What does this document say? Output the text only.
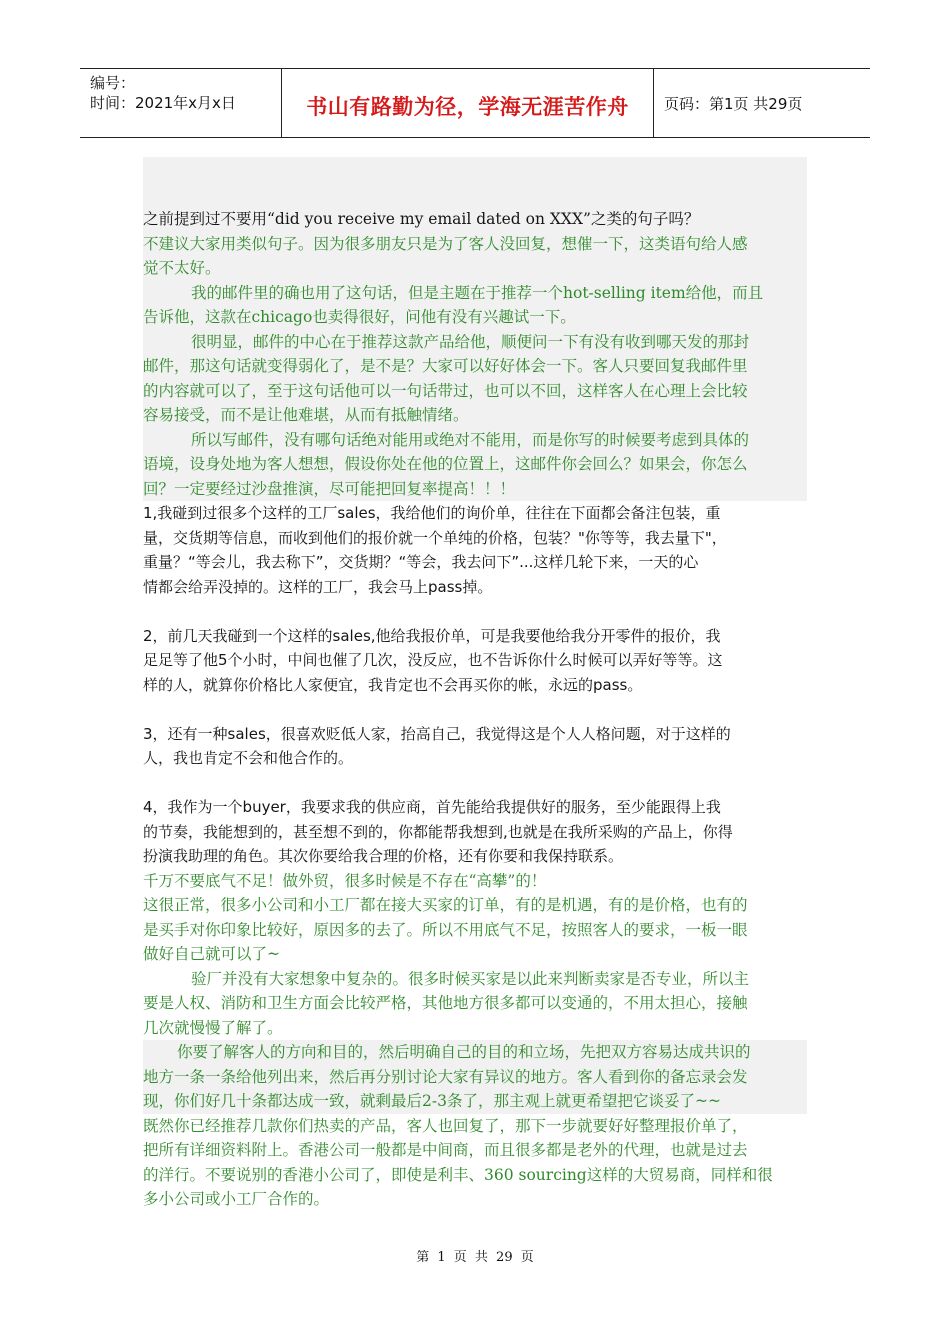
编号：
时间：2021年x月x日	书山有路勤为径，学海无涯苦作舟 页码：第1页 共29页
之前提到过不要用“did you receive my email dated on XXX”之类的句子吗？
不建议大家用类似句子。因为很多朋友只是为了客人没回复，想催一下，这类语句给人感
觉不太好。
我的邮件里的确也用了这句话，但是主题在于推荐一个hot-selling item给他，而且
告诉他，这款在chicago也卖得很好，问他有没有兴趣试一下。
很明显，邮件的中心在于推荐这款产品给他，顺便问一下有没有收到哪天发的那封
邮件，那这句话就变得弱化了，是不是？大家可以好好体会一下。客人只要回复我邮件里
的内容就可以了，至于这句话他可以一句话带过，也可以不回，这样客人在心理上会比较
容易接受，而不是让他难堪，从而有抵触情绪。
所以写邮件，没有哪句话绝对能用或绝对不能用，而是你写的时候要考虑到具体的
语境，设身处地为客人想想，假设你处在他的位置上，这邮件你会回么？如果会，你怎么
回？一定要经过沙盘推演，尽可能把回复率提高！！！
1,我碰到过很多个这样的工厂sales，我给他们的询价单，往往在下面都会备注包装，重
量，交货期等信息，而收到他们的报价就一个单纯的价格，包装？"你等等，我去量下"，
重量？“等会儿，我去称下”，交货期？“等会，我去问下”...这样几轮下来，一天的心
情都会给弄没掉的。这样的工厂，我会马上pass掉。
2，前几天我碰到一个这样的sales,他给我报价单，可是我要他给我分开零件的报价，我
足足等了他5个小时，中间也催了几次，没反应，也不告诉你什么时候可以弄好等等。这
样的人，就算你价格比人家便宜，我肯定也不会再买你的帐，永远的pass。
3，还有一种sales，很喜欢贬低人家，抬高自己，我觉得这是个人人格问题，对于这样的
人，我也肯定不会和他合作的。
4，我作为一个buyer，我要求我的供应商，首先能给我提供好的服务，至少能跟得上我
的节奏，我能想到的，甚至想不到的，你都能帮我想到,也就是在我所采购的产品上，你得
扮演我助理的角色。其次你要给我合理的价格，还有你要和我保持联系。
千万不要底气不足！做外贸，很多时候是不存在“高攀”的！
这很正常，很多小公司和小工厂都在接大买家的订单，有的是机遇，有的是价格，也有的
是买手对你印象比较好，原因多的去了。所以不用底气不足，按照客人的要求，一板一眼
做好自己就可以了~
验厂并没有大家想象中复杂的。很多时候买家是以此来判断卖家是否专业，所以主
要是人权、消防和卫生方面会比较严格，其他地方很多都可以变通的，不用太担心，接触
几次就慢慢了解了。
你要了解客人的方向和目的，然后明确自己的目的和立场，先把双方容易达成共识的
地方一条一条给他列出来，然后再分别讨论大家有异议的地方。客人看到你的备忘录会发
现，你们好几十条都达成一致，就剩最后2-3条了，那主观上就更希望把它谈妥了~~
既然你已经推荐几款你们热卖的产品，客人也回复了，那下一步就要好好整理报价单了，
把所有详细资料附上。香港公司一般都是中间商，而且很多都是老外的代理，也就是过去
的洋行。不要说别的香港小公司了，即使是利丰、360 sourcing这样的大贸易商，同样和很
多小公司或小工厂合作的。
第 1 页 共 29 页
